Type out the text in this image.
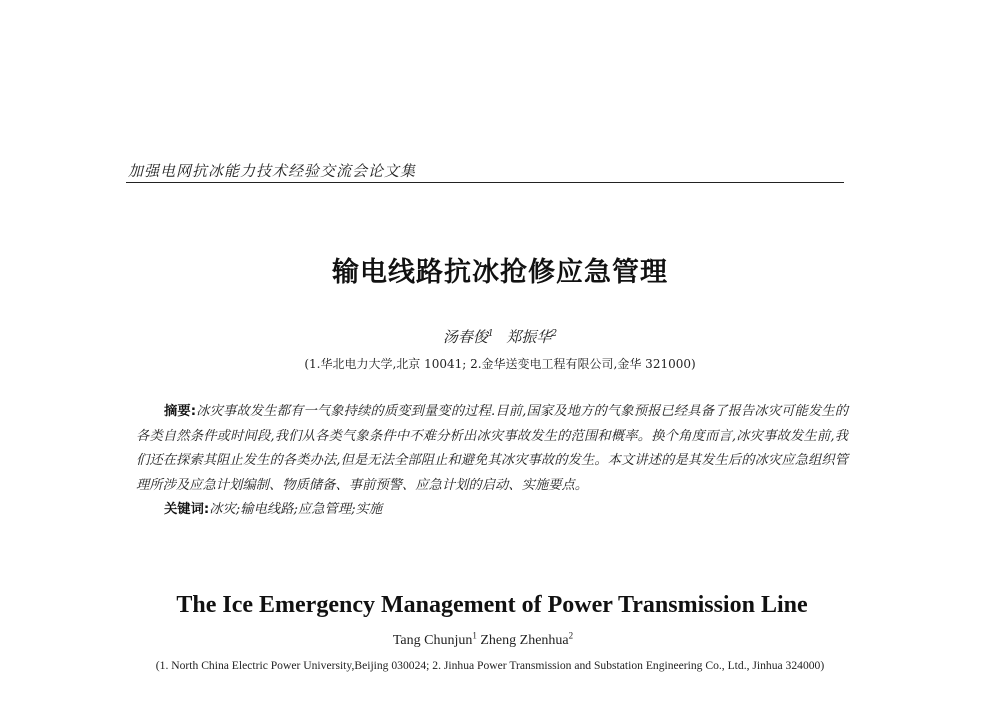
加强电网抗冰能力技术经验交流会论文集
输电线路抗冰抢修应急管理
汤春俊$^1$ 郑振华$^2$
(1.华北电力大学,北京 10041; 2.金华送变电工程有限公司,金华 321000)

摘要:冰灾事故发生都有一气象持续的质变到量变的过程.目前,国家及地方的气象预报已经具备了报告冰灾可能发生的各类自然条件或时间段,我们从各类气象条件中不难分析出冰灾事故发生的范围和概率。换个角度而言,冰灾事故发生前,我们还在探索其阻止发生的各类办法,但是无法全部阻止和避免其冰灾事故的发生。本文讲述的是其发生后的冰灾应急组织管理所涉及应急计划编制、物质储备、事前预警、应急计划的启动、实施要点。

关键词:冰灾;输电线路;应急管理;实施

The Ice Emergency Management of Power Transmission Line
Tang Chunjun$^1$ Zheng Zhenhua$^2$
(1. North China Electric Power University,Beijing 030024; 2. Jinhua Power Transmission and Substation Engineering Co., Ltd., Jinhua 324000)
